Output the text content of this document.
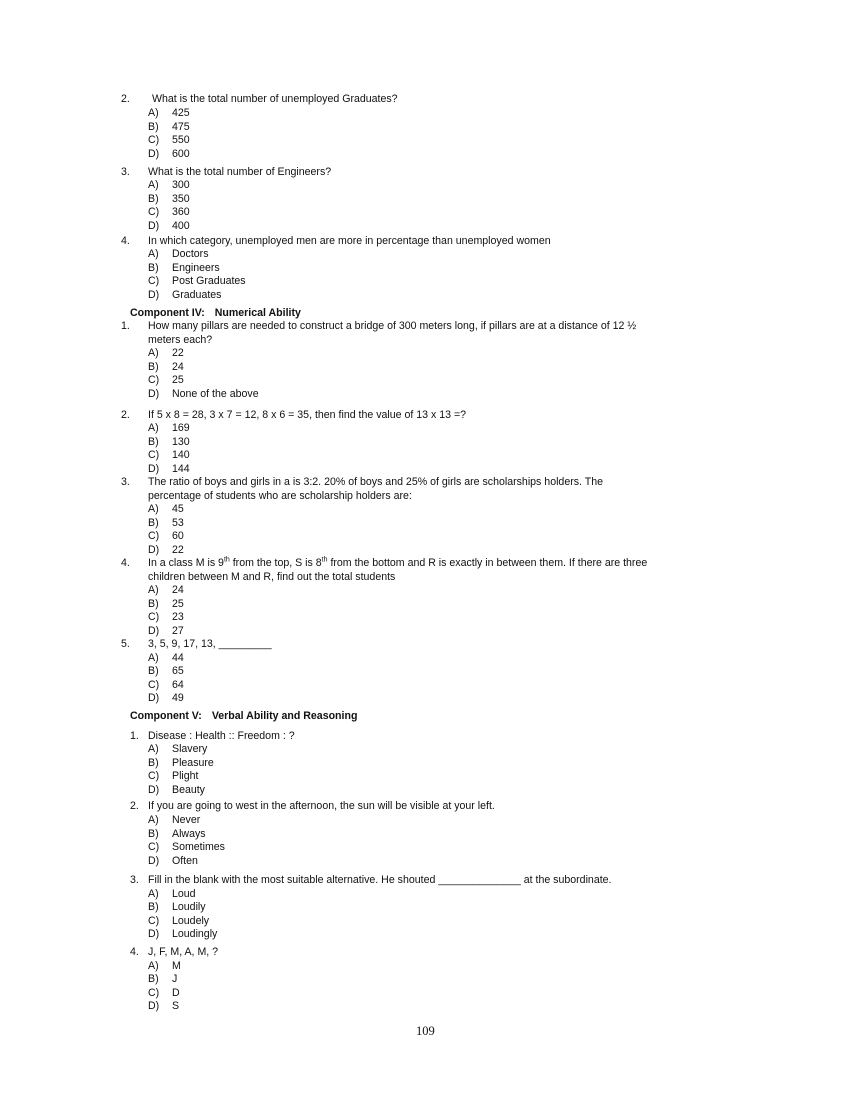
2. What is the total number of unemployed Graduates?
A) 425
B) 475
C) 550
D) 600
3. What is the total number of Engineers?
A) 300
B) 350
C) 360
D) 400
4. In which category, unemployed men are more in percentage than unemployed women
A) Doctors
B) Engineers
C) Post Graduates
D) Graduates
Component IV: Numerical Ability
1. How many pillars are needed to construct a bridge of 300 meters long, if pillars are at a distance of 12 ½
meters each?
A) 22
B) 24
C) 25
D) None of the above
2. If 5 x 8 = 28, 3 x 7 = 12, 8 x 6 = 35, then find the value of 13 x 13 =?
A) 169
B) 130
C) 140
D) 144
3. The ratio of boys and girls in a is 3:2. 20% of boys and 25% of girls are scholarships holders. The
percentage of students who are scholarship holders are:
A) 45
B) 53
C) 60
D) 22
4. In a class M is 9th from the top, S is 8th from the bottom and R is exactly in between them. If there are three
children between M and R, find out the total students
A) 24
B) 25
C) 23
D) 27
5. 3, 5, 9, 17, 13, _________
A) 44
B) 65
C) 64
D) 49
Component V: Verbal Ability and Reasoning
1. Disease : Health :: Freedom : ?
A) Slavery
B) Pleasure
C) Plight
D) Beauty
2. If you are going to west in the afternoon, the sun will be visible at your left.
A) Never
B) Always
C) Sometimes
D) Often
3. Fill in the blank with the most suitable alternative. He shouted ______________ at the subordinate.
A) Loud
B) Loudily
C) Loudely
D) Loudingly
4. J, F, M, A, M, ?
A) M
B) J
C) D
D) S
109
